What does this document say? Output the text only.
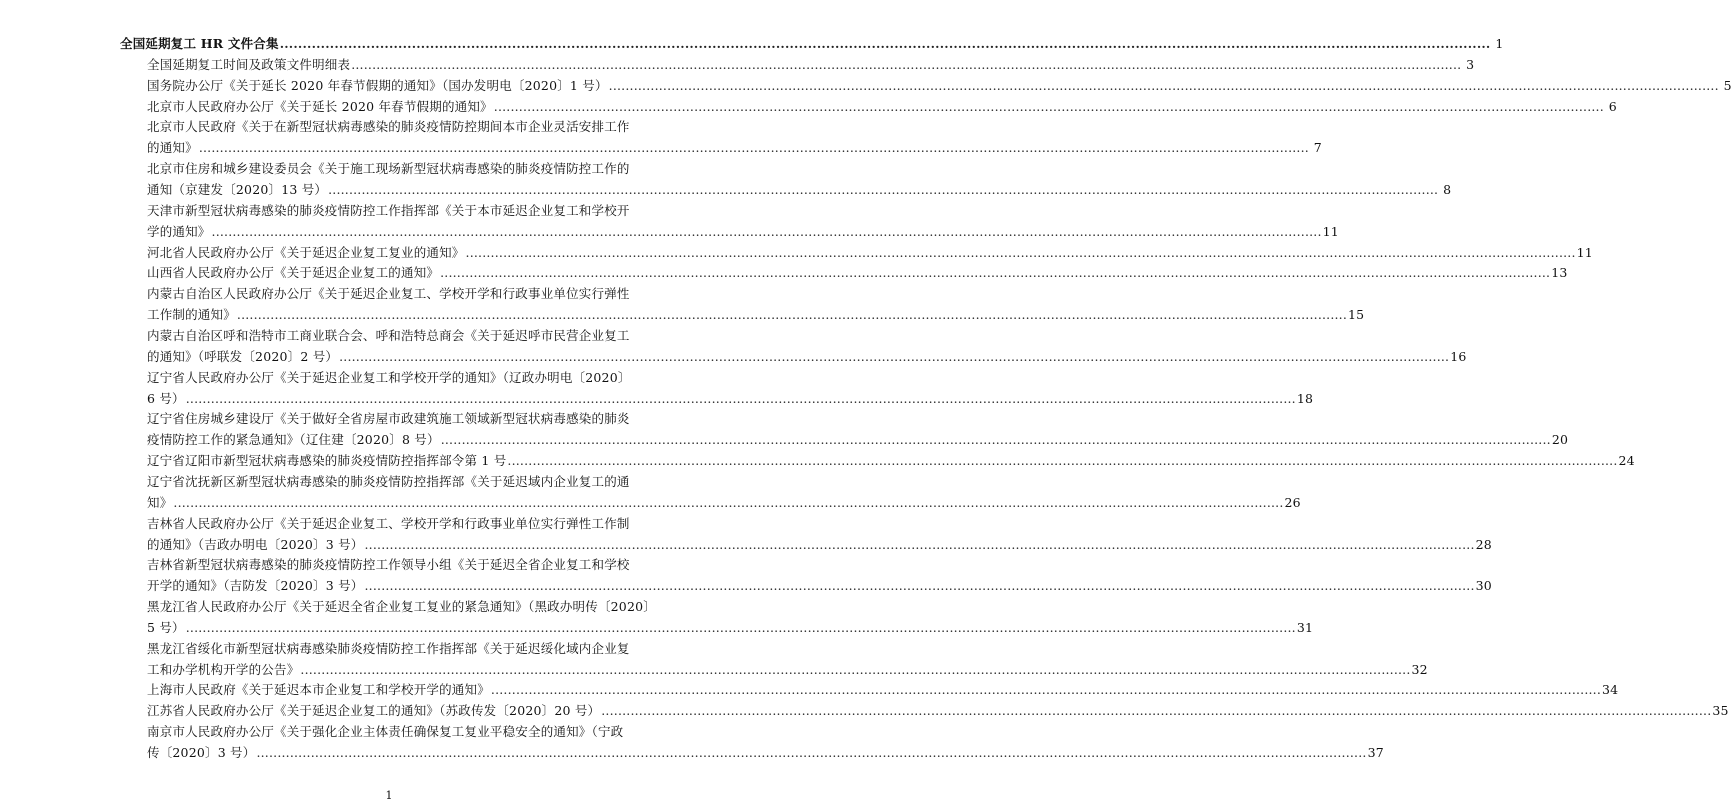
全国延期复工 HR 文件合集 .....	1
全国延期复工时间及政策文件明细表 .....	3
国务院办公厅《关于延长 2020 年春节假期的通知》（国办发明电〔2020〕1 号） .....	5
北京市人民政府办公厅《关于延长 2020 年春节假期的通知》 .....	6
北京市人民政府《关于在新型冠状病毒感染的肺炎疫情防控期间本市企业灵活安排工作
的通知》 .....	7
北京市住房和城乡建设委员会《关于施工现场新型冠状病毒感染的肺炎疫情防控工作的
通知（京建发〔2020〕13 号） .....	8
天津市新型冠状病毒感染的肺炎疫情防控工作指挥部《关于本市延迟企业复工和学校开
学的通知》 .....	11
河北省人民政府办公厅《关于延迟企业复工复业的通知》 .....	11
山西省人民政府办公厅《关于延迟企业复工的通知》 .....	13
内蒙古自治区人民政府办公厅《关于延迟企业复工、学校开学和行政事业单位实行弹性
工作制的通知》 .....	15
内蒙古自治区呼和浩特市工商业联合会、呼和浩特总商会《关于延迟呼市民营企业复工
的通知》（呼联发〔2020〕2 号） .....	16
辽宁省人民政府办公厅《关于延迟企业复工和学校开学的通知》（辽政办明电〔2020〕
6 号） .....	18
辽宁省住房城乡建设厅《关于做好全省房屋市政建筑施工领域新型冠状病毒感染的肺炎
疫情防控工作的紧急通知》（辽住建〔2020〕8 号） .....	20
辽宁省辽阳市新型冠状病毒感染的肺炎疫情防控指挥部令第 1 号 .....	24
辽宁省沈抚新区新型冠状病毒感染的肺炎疫情防控指挥部《关于延迟域内企业复工的通
知》 .....	26
吉林省人民政府办公厅《关于延迟企业复工、学校开学和行政事业单位实行弹性工作制
的通知》（吉政办明电〔2020〕3 号） .....	28
吉林省新型冠状病毒感染的肺炎疫情防控工作领导小组《关于延迟全省企业复工和学校
开学的通知》（吉防发〔2020〕3 号） .....	30
黑龙江省人民政府办公厅《关于延迟全省企业复工复业的紧急通知》（黑政办明传〔2020〕
5 号） .....	31
黑龙江省绥化市新型冠状病毒感染肺炎疫情防控工作指挥部《关于延迟绥化域内企业复
工和办学机构开学的公告》 .....	32
上海市人民政府《关于延迟本市企业复工和学校开学的通知》 .....	34
江苏省人民政府办公厅《关于延迟企业复工的通知》（苏政传发〔2020〕20 号） .....	35
南京市人民政府办公厅《关于强化企业主体责任确保复工复业平稳安全的通知》（宁政
传〔2020〕3 号） .....	37
1
